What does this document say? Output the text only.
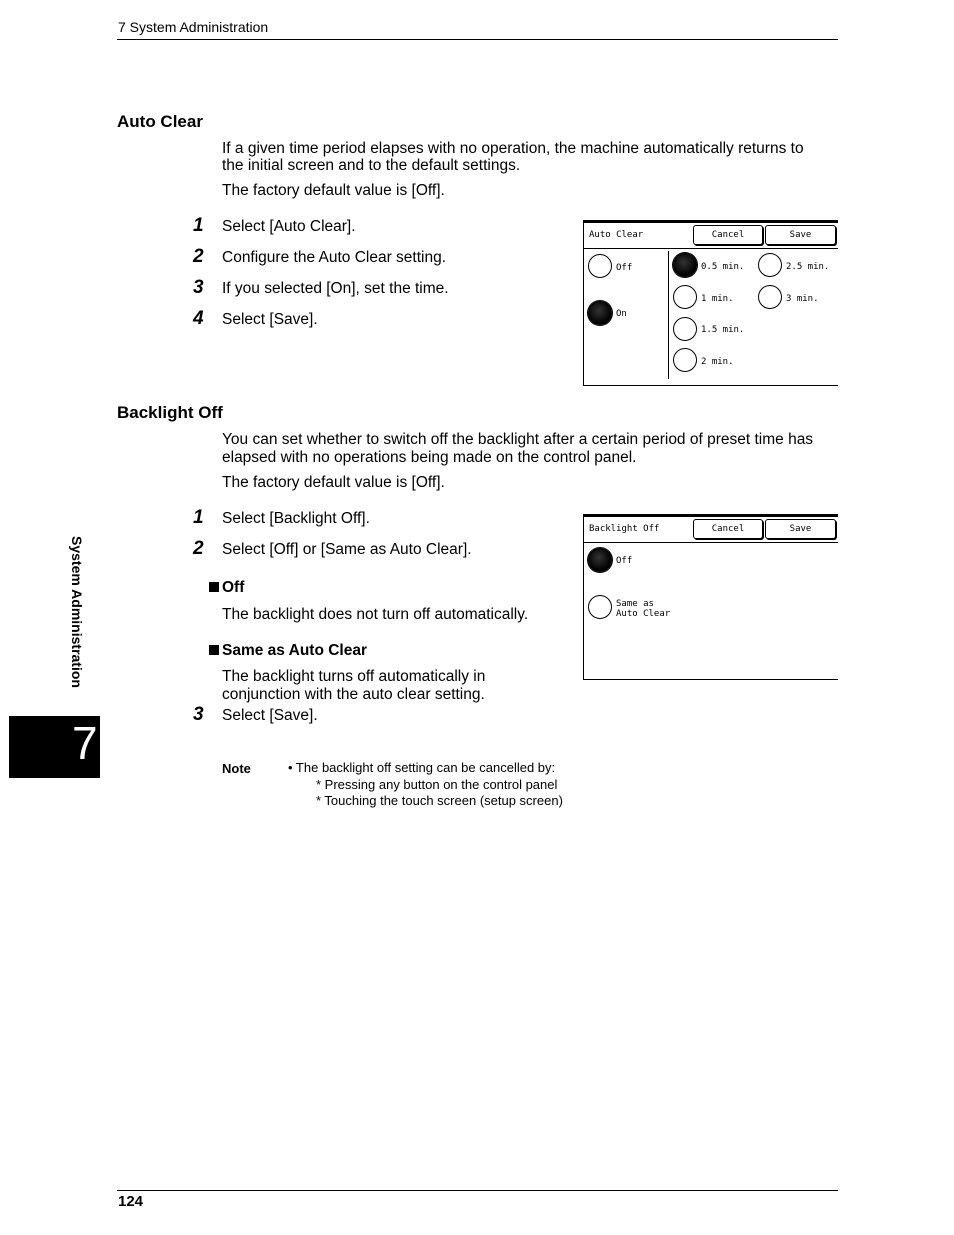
7 System Administration
Auto Clear
If a given time period elapses with no operation, the machine automatically returns to
the initial screen and to the default settings.
The factory default value is [Off].
1 Select [Auto Clear].
2 Configure the Auto Clear setting.
3 If you selected [On], set the time.
4 Select [Save].
Auto Clear	Cancel	Save
Off
On
0.5 min.
1 min.
1.5 min.
2 min.
2.5 min.
3 min.
Backlight Off
You can set whether to switch off the backlight after a certain period of preset time has
elapsed with no operations being made on the control panel.
The factory default value is [Off].
1 Select [Backlight Off].
2 Select [Off] or [Same as Auto Clear].
Off
The backlight does not turn off automatically.
Same as Auto Clear
The backlight turns off automatically in
conjunction with the auto clear setting.
3 Select [Save].
Backlight Off	Cancel	Save
Off
Same as
Auto Clear
Note	• The backlight off setting can be cancelled by:
* Pressing any button on the control panel
* Touching the touch screen (setup screen)
System Administration
7
124
